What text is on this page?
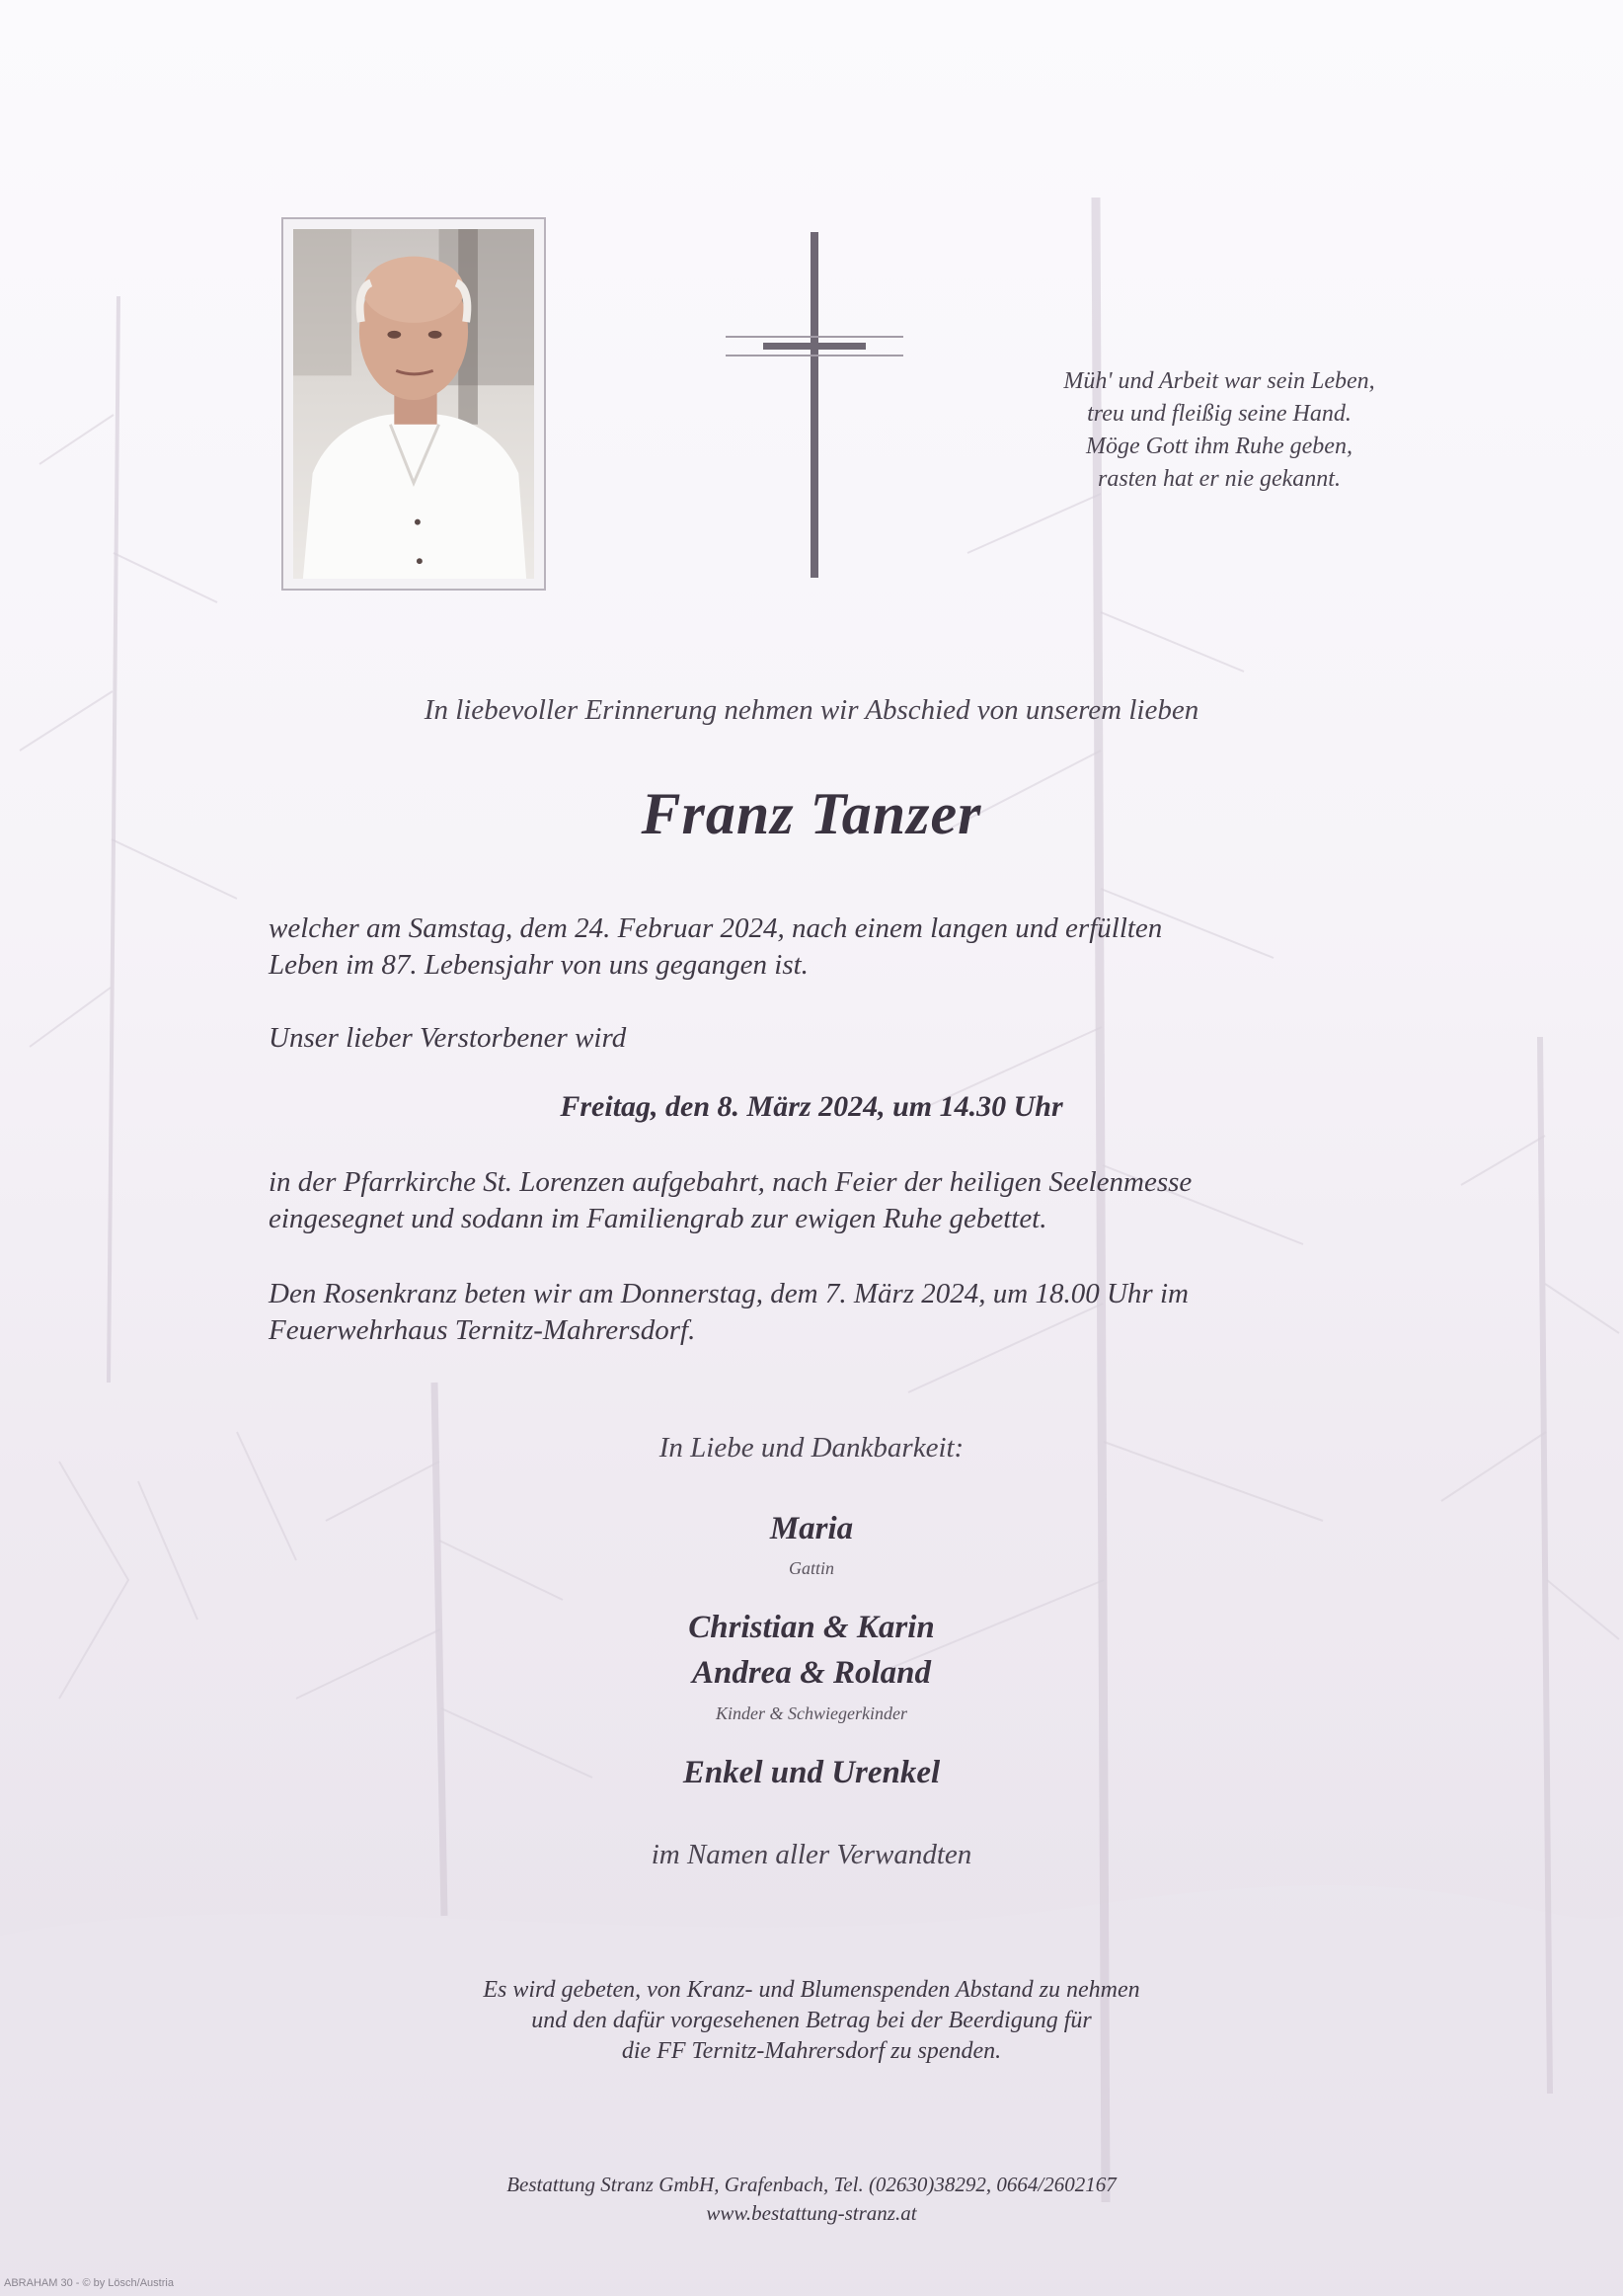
Müh' und Arbeit war sein Leben,
treu und fleißig seine Hand.
Möge Gott ihm Ruhe geben,
rasten hat er nie gekannt.
In liebevoller Erinnerung nehmen wir Abschied von unserem lieben
Franz Tanzer
welcher am Samstag, dem 24. Februar 2024, nach einem langen und erfüllten
Leben im 87. Lebensjahr von uns gegangen ist.
Unser lieber Verstorbener wird
Freitag, den 8. März 2024, um 14.30 Uhr
in der Pfarrkirche St. Lorenzen aufgebahrt, nach Feier der heiligen Seelenmesse
eingesegnet und sodann im Familiengrab zur ewigen Ruhe gebettet.
Den Rosenkranz beten wir am Donnerstag, dem 7. März 2024, um 18.00 Uhr im
Feuerwehrhaus Ternitz-Mahrersdorf.
In Liebe und Dankbarkeit:
Maria
Gattin
Christian & Karin
Andrea & Roland
Kinder & Schwiegerkinder
Enkel und Urenkel
im Namen aller Verwandten
Es wird gebeten, von Kranz- und Blumenspenden Abstand zu nehmen
und den dafür vorgesehenen Betrag bei der Beerdigung für
die FF Ternitz-Mahrersdorf zu spenden.
Bestattung Stranz GmbH, Grafenbach, Tel. (02630)38292, 0664/2602167
www.bestattung-stranz.at
ABRAHAM 30 - © by Lösch/Austria
